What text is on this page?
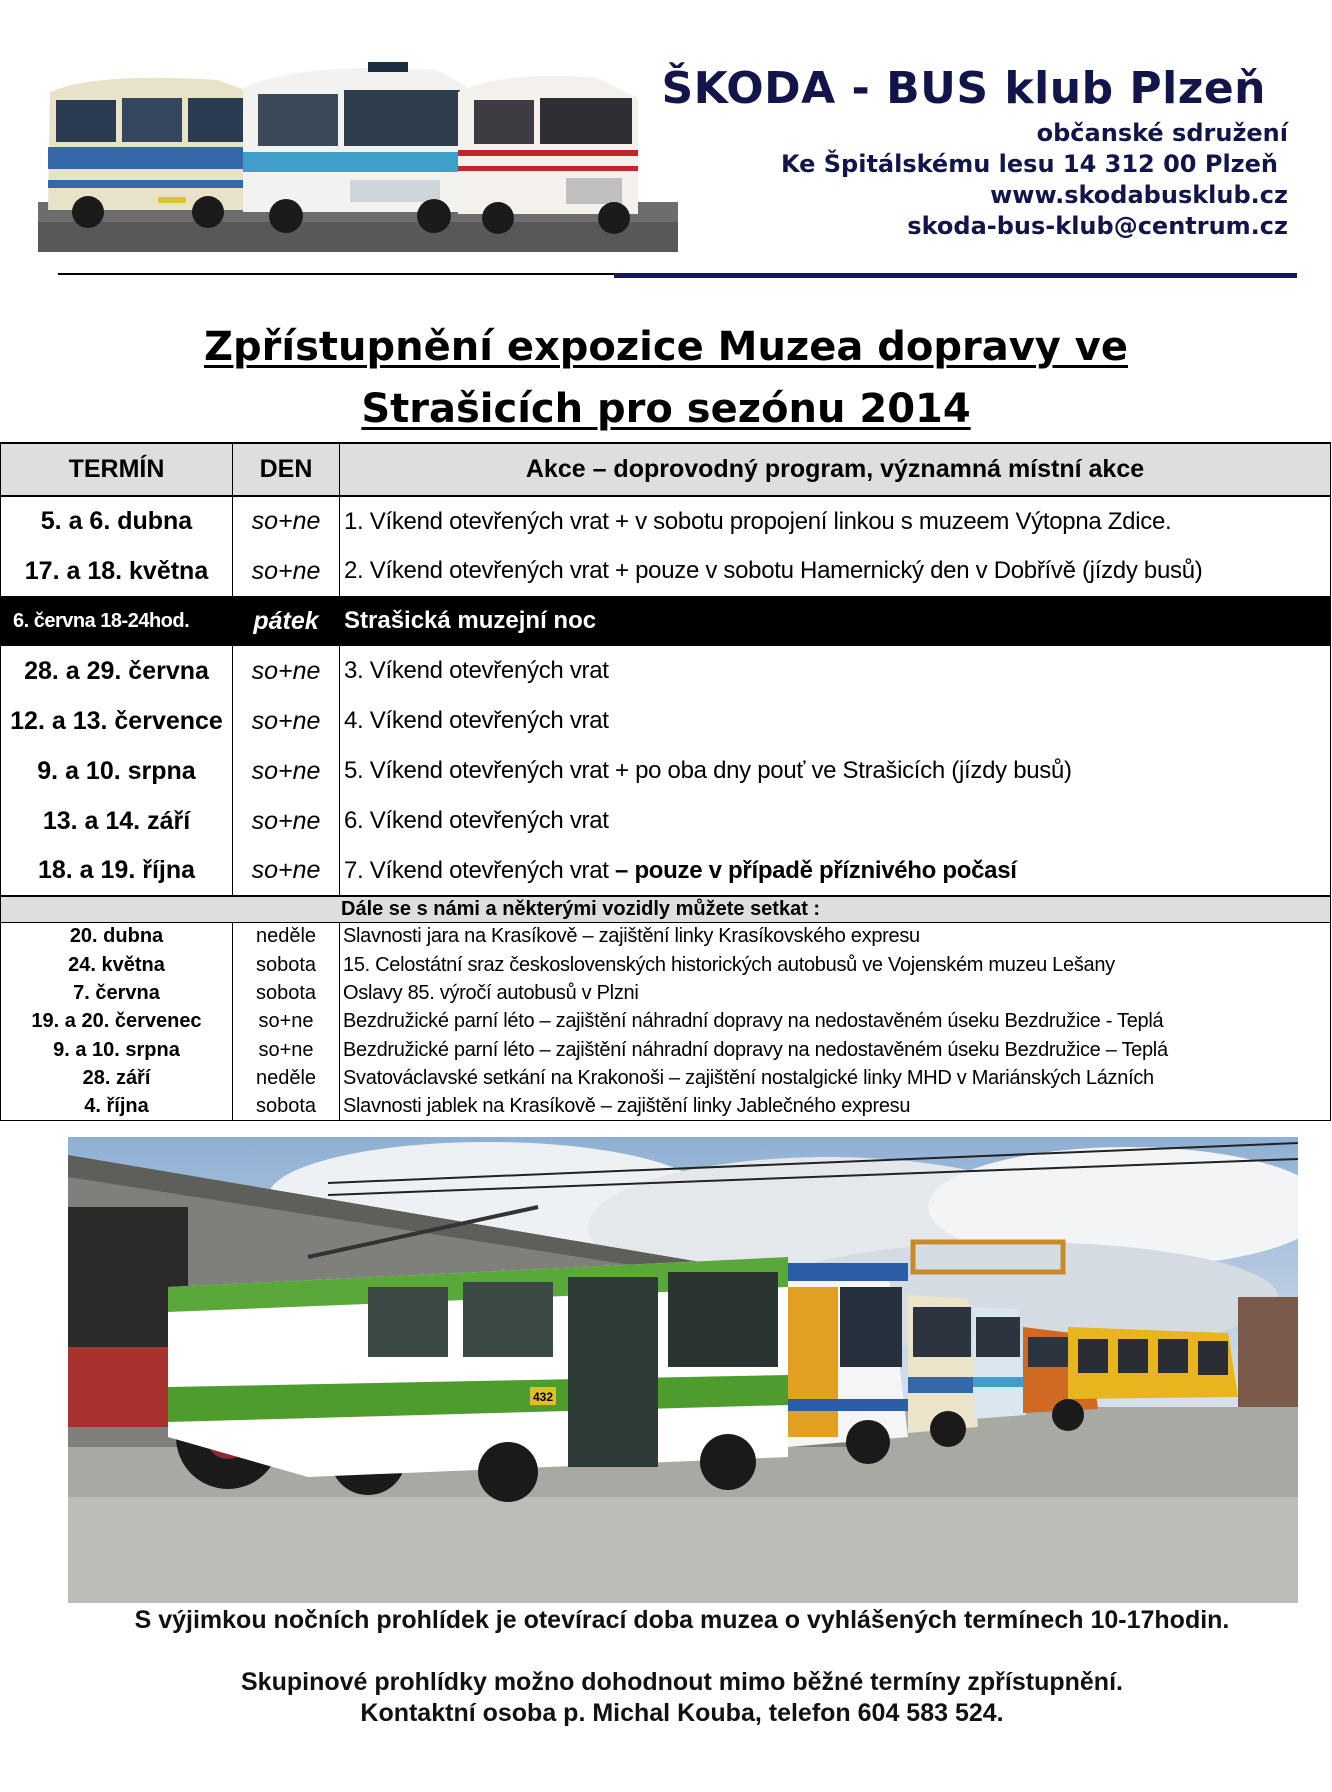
ŠKODA - BUS klub Plzeň
občanské sdružení
Ke Špitálskému lesu 14 312 00 Plzeň
www.skodabusklub.cz
skoda-bus-klub@centrum.cz
Zpřístupnění expozice Muzea dopravy ve
Strašicích pro sezónu 2014
TERMÍN	DEN	Akce – doprovodný program, významná místní akce
5. a 6. dubna	so+ne	1. Víkend otevřených vrat + v sobotu propojení linkou s muzeem Výtopna Zdice.
17. a 18. května	so+ne	2. Víkend otevřených vrat + pouze v sobotu Hamernický den v Dobřívě (jízdy busů)
6. června 18-24hod.	pátek	Strašická muzejní noc
28. a 29. června	so+ne	3. Víkend otevřených vrat
12. a 13. července	so+ne	4. Víkend otevřených vrat
9. a 10. srpna	so+ne	5. Víkend otevřených vrat + po oba dny pouť ve Strašicích (jízdy busů)
13. a 14. září	so+ne	6. Víkend otevřených vrat
18. a 19. října	so+ne	7. Víkend otevřených vrat – pouze v případě příznivého počasí
Dále se s námi a některými vozidly můžete setkat :		
20. dubna	neděle	Slavnosti jara na Krasíkově – zajištění linky Krasíkovského expresu
24. května	sobota	15. Celostátní sraz československých historických autobusů ve Vojenském muzeu Lešany
7. června	sobota	Oslavy 85. výročí autobusů v Plzni
19. a 20. červenec	so+ne	Bezdružické parní léto – zajištění náhradní dopravy na nedostavěném úseku Bezdružice - Teplá
9. a 10. srpna	so+ne	Bezdružické parní léto – zajištění náhradní dopravy na nedostavěném úseku Bezdružice – Teplá
28. září	neděle	Svatováclavské setkání na Krakonoši – zajištění nostalgické linky MHD v Mariánských Lázních
4. října	sobota	Slavnosti jablek na Krasíkově – zajištění linky Jablečného expresu
432
S výjimkou nočních prohlídek je otevírací doba muzea o vyhlášených termínech 10-17hodin.
Skupinové prohlídky možno dohodnout mimo běžné termíny zpřístupnění.
Kontaktní osoba p. Michal Kouba, telefon 604 583 524.
